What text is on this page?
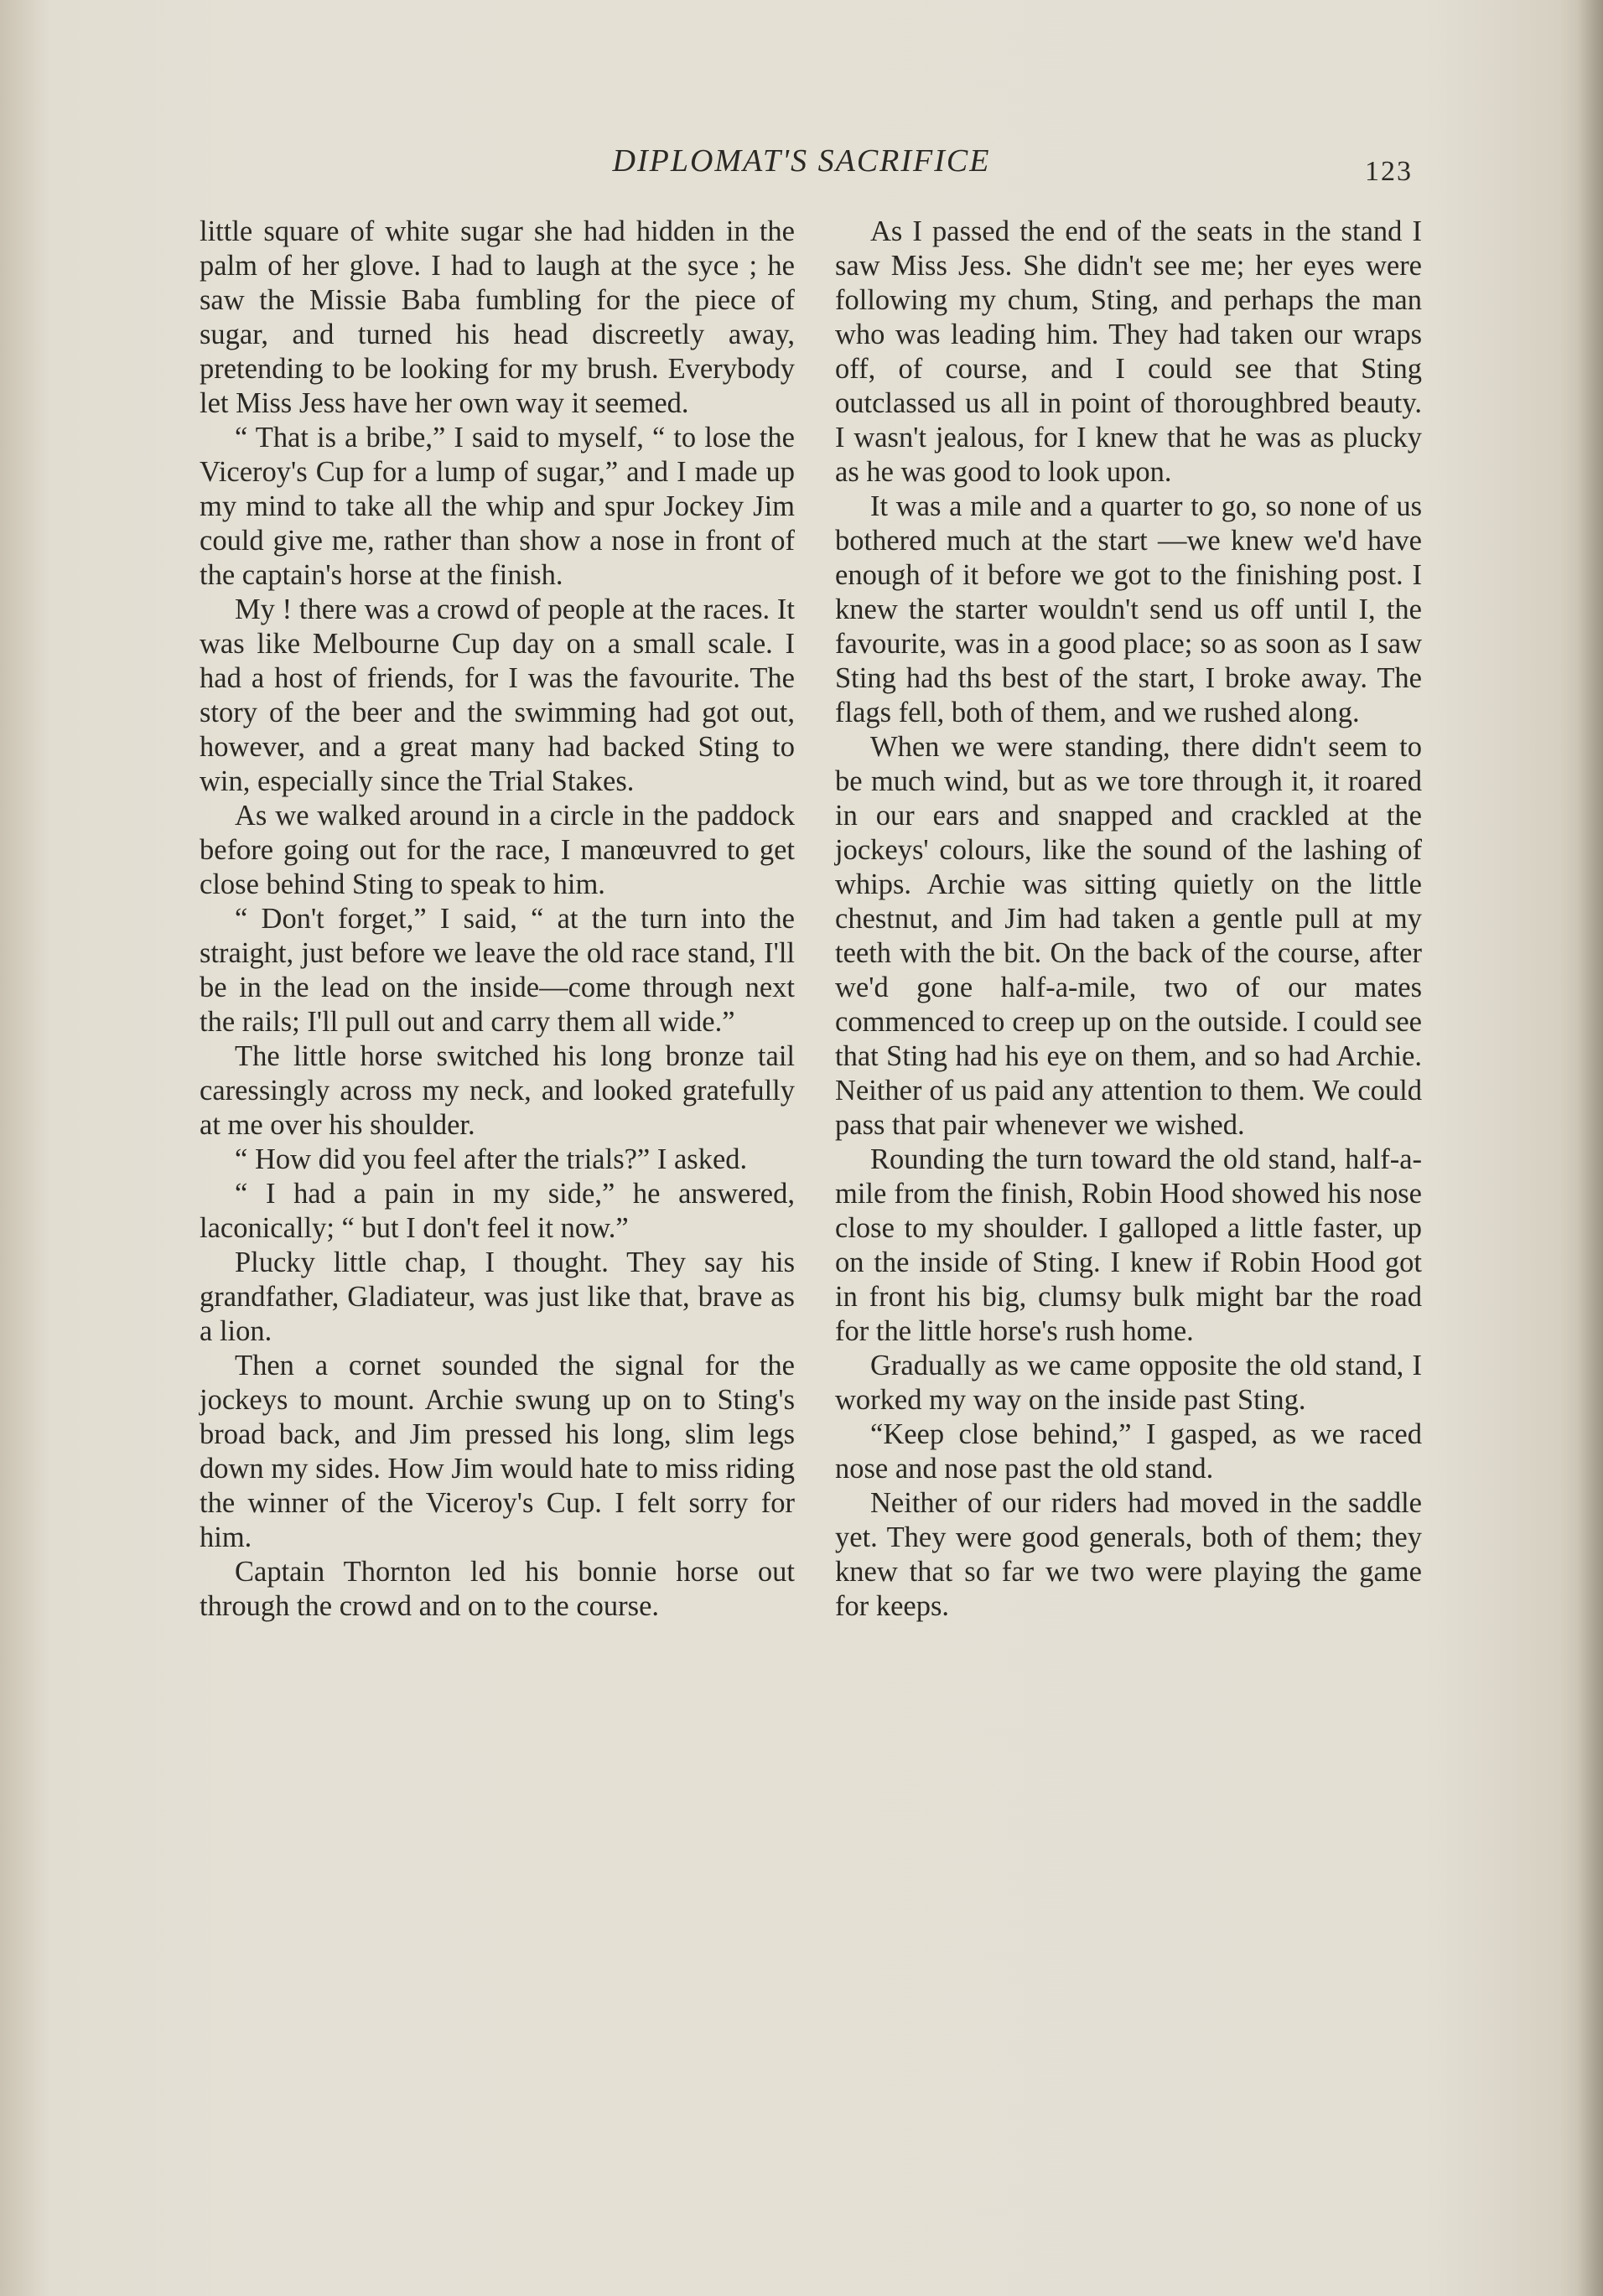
DIPLOMAT'S SACRIFICE	123

little square of white sugar she had hidden in the palm of her glove. I had to laugh at the syce ; he saw the Missie Baba fumbling for the piece of sugar, and turned his head discreetly away, pretending to be looking for my brush. Everybody let Miss Jess have her own way it seemed.

“ That is a bribe,” I said to myself, “ to lose the Viceroy's Cup for a lump of sugar,” and I made up my mind to take all the whip and spur Jockey Jim could give me, rather than show a nose in front of the captain's horse at the finish.

My ! there was a crowd of people at the races. It was like Melbourne Cup day on a small scale. I had a host of friends, for I was the favourite. The story of the beer and the swimming had got out, however, and a great many had backed Sting to win, especially since the Trial Stakes.

As we walked around in a circle in the paddock before going out for the race, I manœuvred to get close behind Sting to speak to him.

“ Don't forget,” I said, “ at the turn into the straight, just before we leave the old race stand, I'll be in the lead on the inside—come through next the rails; I'll pull out and carry them all wide.”

The little horse switched his long bronze tail caressingly across my neck, and looked gratefully at me over his shoulder.

“ How did you feel after the trials?” I asked.

“ I had a pain in my side,” he answered, laconically; “ but I don't feel it now.”

Plucky little chap, I thought. They say his grandfather, Gladiateur, was just like that, brave as a lion.

Then a cornet sounded the signal for the jockeys to mount. Archie swung up on to Sting's broad back, and Jim pressed his long, slim legs down my sides. How Jim would hate to miss riding the winner of the Viceroy's Cup. I felt sorry for him.

Captain Thornton led his bonnie horse out through the crowd and on to the course.

As I passed the end of the seats in the stand I saw Miss Jess. She didn't see me; her eyes were following my chum, Sting, and perhaps the man who was leading him. They had taken our wraps off, of course, and I could see that Sting outclassed us all in point of thoroughbred beauty. I wasn't jealous, for I knew that he was as plucky as he was good to look upon.

It was a mile and a quarter to go, so none of us bothered much at the start —we knew we'd have enough of it before we got to the finishing post. I knew the starter wouldn't send us off until I, the favourite, was in a good place; so as soon as I saw Sting had ths best of the start, I broke away. The flags fell, both of them, and we rushed along.

When we were standing, there didn't seem to be much wind, but as we tore through it, it roared in our ears and snapped and crackled at the jockeys' colours, like the sound of the lashing of whips. Archie was sitting quietly on the little chestnut, and Jim had taken a gentle pull at my teeth with the bit. On the back of the course, after we'd gone half-a-mile, two of our mates commenced to creep up on the outside. I could see that Sting had his eye on them, and so had Archie. Neither of us paid any attention to them. We could pass that pair whenever we wished.

Rounding the turn toward the old stand, half-a-mile from the finish, Robin Hood showed his nose close to my shoulder. I galloped a little faster, up on the inside of Sting. I knew if Robin Hood got in front his big, clumsy bulk might bar the road for the little horse's rush home.

Gradually as we came opposite the old stand, I worked my way on the inside past Sting.

“Keep close behind,” I gasped, as we raced nose and nose past the old stand.

Neither of our riders had moved in the saddle yet. They were good generals, both of them; they knew that so far we two were playing the game for keeps.
